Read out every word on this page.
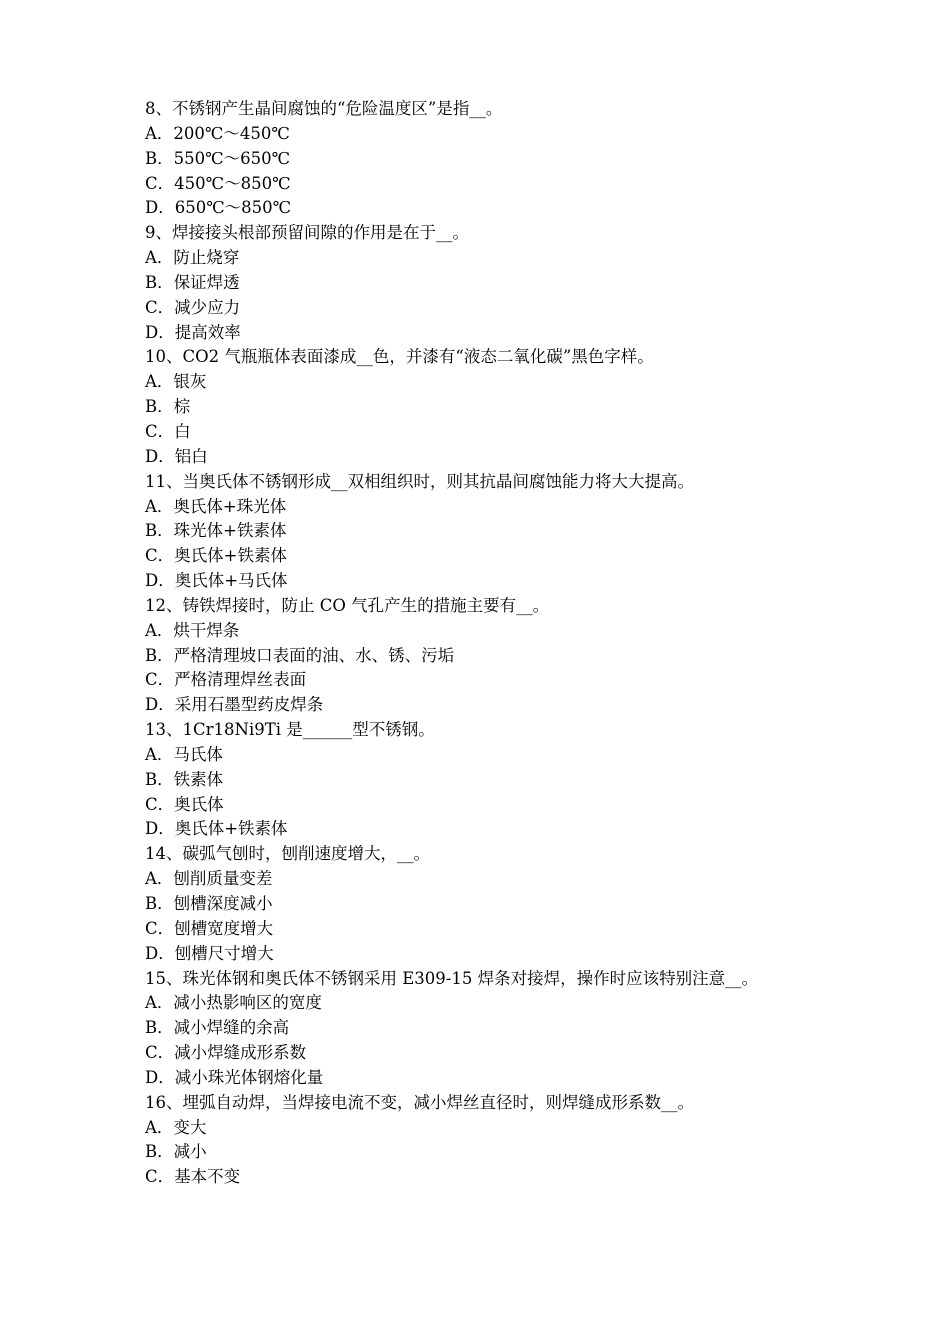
8、不锈钢产生晶间腐蚀的“危险温度区”是指__。
A．200℃～450℃
B．550℃～650℃
C．450℃～850℃
D．650℃～850℃
9、焊接接头根部预留间隙的作用是在于__。
A．防止烧穿
B．保证焊透
C．减少应力
D．提高效率
10、CO2 气瓶瓶体表面漆成__色，并漆有“液态二氧化碳”黑色字样。
A．银灰
B．棕
C．白
D．铝白
11、当奥氏体不锈钢形成__双相组织时，则其抗晶间腐蚀能力将大大提高。
A．奥氏体+珠光体
B．珠光体+铁素体
C．奥氏体+铁素体
D．奥氏体+马氏体
12、铸铁焊接时，防止 CO 气孔产生的措施主要有__。
A．烘干焊条
B．严格清理坡口表面的油、水、锈、污垢
C．严格清理焊丝表面
D．采用石墨型药皮焊条
13、1Cr18Ni9Ti 是______型不锈钢。
A．马氏体
B．铁素体
C．奥氏体
D．奥氏体+铁素体
14、碳弧气刨时，刨削速度增大，__。
A．刨削质量变差
B．刨槽深度减小
C．刨槽宽度增大
D．刨槽尺寸增大
15、珠光体钢和奥氏体不锈钢采用 E309-15 焊条对接焊，操作时应该特别注意__。
A．减小热影响区的宽度
B．减小焊缝的余高
C．减小焊缝成形系数
D．减小珠光体钢熔化量
16、埋弧自动焊，当焊接电流不变，减小焊丝直径时，则焊缝成形系数__。
A．变大
B．减小
C．基本不变
